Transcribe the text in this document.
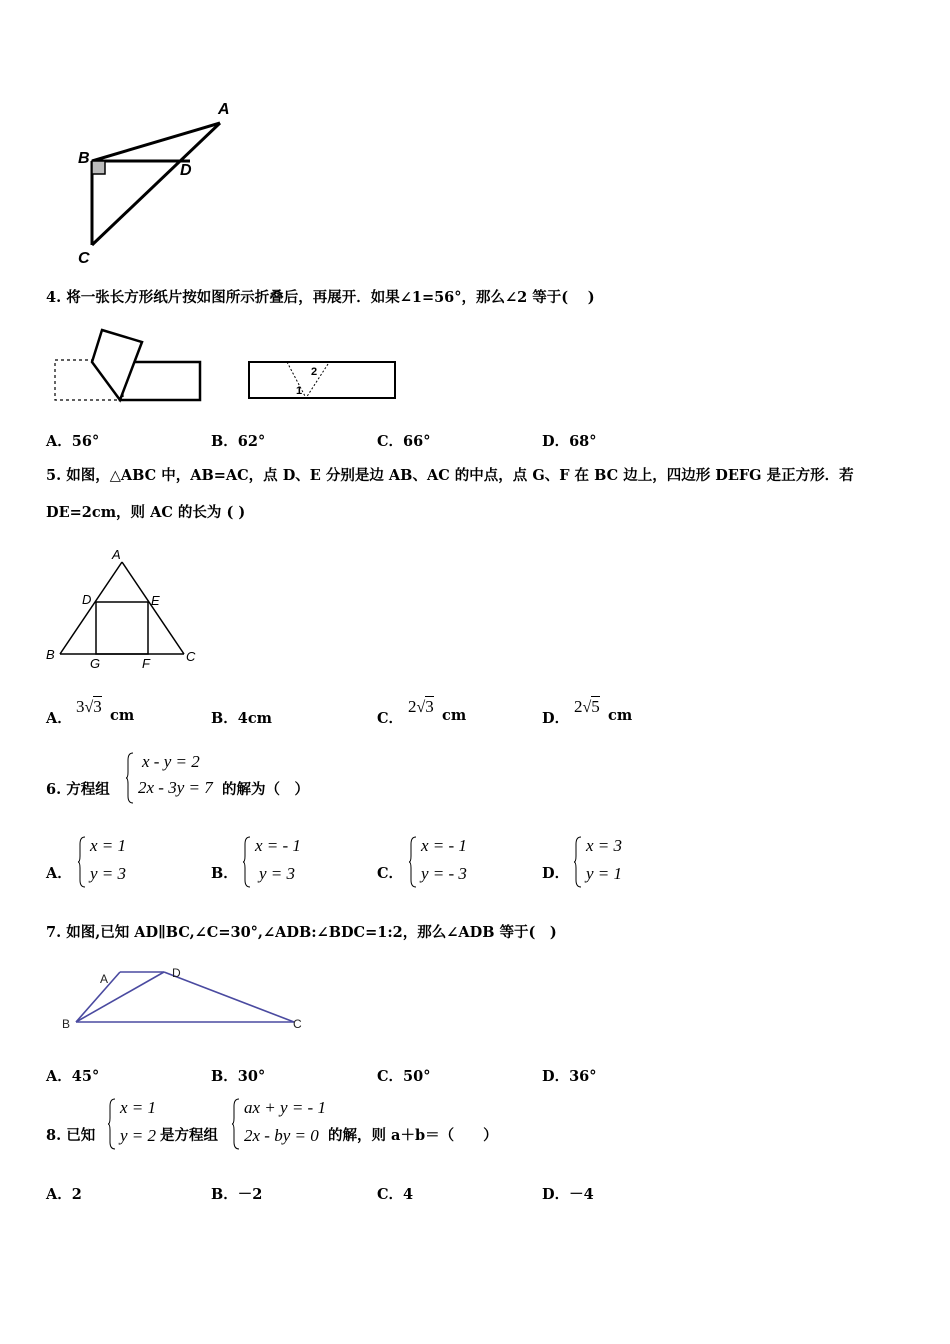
A
B
D
C
4. 将一张长方形纸片按如图所示折叠后，再展开．如果∠1=56°，那么∠2 等于(　 )
2
1
A．56°	B．62°	C．66°	D．68°
5. 如图，△ABC 中，AB=AC，点 D、E 分别是边 AB、AC 的中点，点 G、F 在 BC 边上，四边形 DEFG 是正方形．若
DE=2cm，则 AC 的长为 ( )
A
D	E
B	C
G	F
A．
3√3 cm	B．4cm	C．
2√3 cm	D．
2√5 cm
6. 方程组
x - y = 2
2x - 3y = 7 的解为（　）
A．
x = 1
y = 3	B．
x = - 1
y = 3	C．
x = - 1
y = - 3	D．
x = 3
y = 1
7. 如图,已知 AD∥BC,∠C=30°,∠ADB:∠BDC=1:2，那么∠ADB 等于(　)
A	D
B	C
A．45°	B．30°	C．50°	D．36°
8. 已知
x = 1
y = 2 是方程组
ax + y = - 1
2x - by = 0 的解，则 a＋b＝（　　）
A．2	B．－2	C．4	D．－4
